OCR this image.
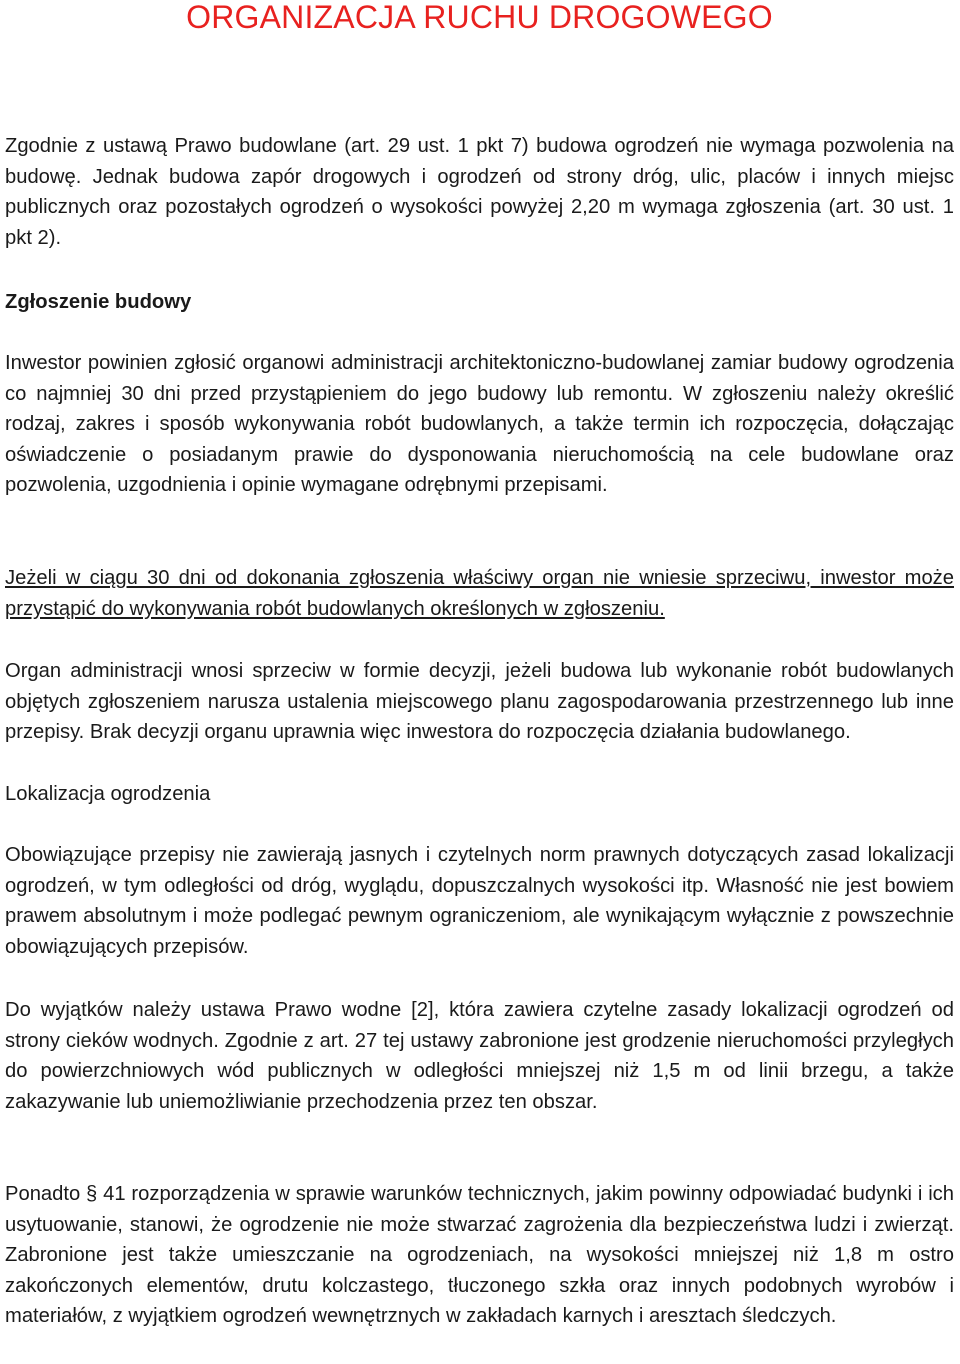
ORGANIZACJA RUCHU DROGOWEGO

Zgodnie z ustawą Prawo budowlane (art. 29 ust. 1 pkt 7) budowa ogrodzeń nie wymaga pozwolenia na budowę. Jednak budowa zapór drogowych i ogrodzeń od strony dróg, ulic, placów i innych miejsc publicznych oraz pozostałych ogrodzeń o wysokości powyżej 2,20 m wymaga zgłoszenia (art. 30 ust. 1 pkt 2).

Zgłoszenie budowy

Inwestor powinien zgłosić organowi administracji architektoniczno-budowlanej zamiar budowy ogrodzenia co najmniej 30 dni przed przystąpieniem do jego budowy lub remontu. W zgłoszeniu należy określić rodzaj, zakres i sposób wykonywania robót budowlanych, a także termin ich rozpoczęcia, dołączając oświadczenie o posiadanym prawie do dysponowania nieruchomością na cele budowlane oraz pozwolenia, uzgodnienia i opinie wymagane odrębnymi przepisami.

Jeżeli w ciągu 30 dni od dokonania zgłoszenia właściwy organ nie wniesie sprzeciwu, inwestor może przystąpić do wykonywania robót budowlanych określonych w zgłoszeniu.

Organ administracji wnosi sprzeciw w formie decyzji, jeżeli budowa lub wykonanie robót budowlanych objętych zgłoszeniem narusza ustalenia miejscowego planu zagospodarowania przestrzennego lub inne przepisy. Brak decyzji organu uprawnia więc inwestora do rozpoczęcia działania budowlanego.

Lokalizacja ogrodzenia

Obowiązujące przepisy nie zawierają jasnych i czytelnych norm prawnych dotyczących zasad lokalizacji ogrodzeń, w tym odległości od dróg, wyglądu, dopuszczalnych wysokości itp. Własność nie jest bowiem prawem absolutnym i może podlegać pewnym ograniczeniom, ale wynikającym wyłącznie z powszechnie obowiązujących przepisów.

Do wyjątków należy ustawa Prawo wodne [2], która zawiera czytelne zasady lokalizacji ogrodzeń od strony cieków wodnych. Zgodnie z art. 27 tej ustawy zabronione jest grodzenie nieruchomości przyległych do powierzchniowych wód publicznych w odległości mniejszej niż 1,5 m od linii brzegu, a także zakazywanie lub uniemożliwianie przechodzenia przez ten obszar.

Ponadto § 41 rozporządzenia w sprawie warunków technicznych, jakim powinny odpowiadać budynki i ich usytuowanie, stanowi, że ogrodzenie nie może stwarzać zagrożenia dla bezpieczeństwa ludzi i zwierząt. Zabronione jest także umieszczanie na ogrodzeniach, na wysokości mniejszej niż 1,8 m ostro zakończonych elementów, drutu kolczastego, tłuczonego szkła oraz innych podobnych wyrobów i materiałów, z wyjątkiem ogrodzeń wewnętrznych w zakładach karnych i aresztach śledczych.
